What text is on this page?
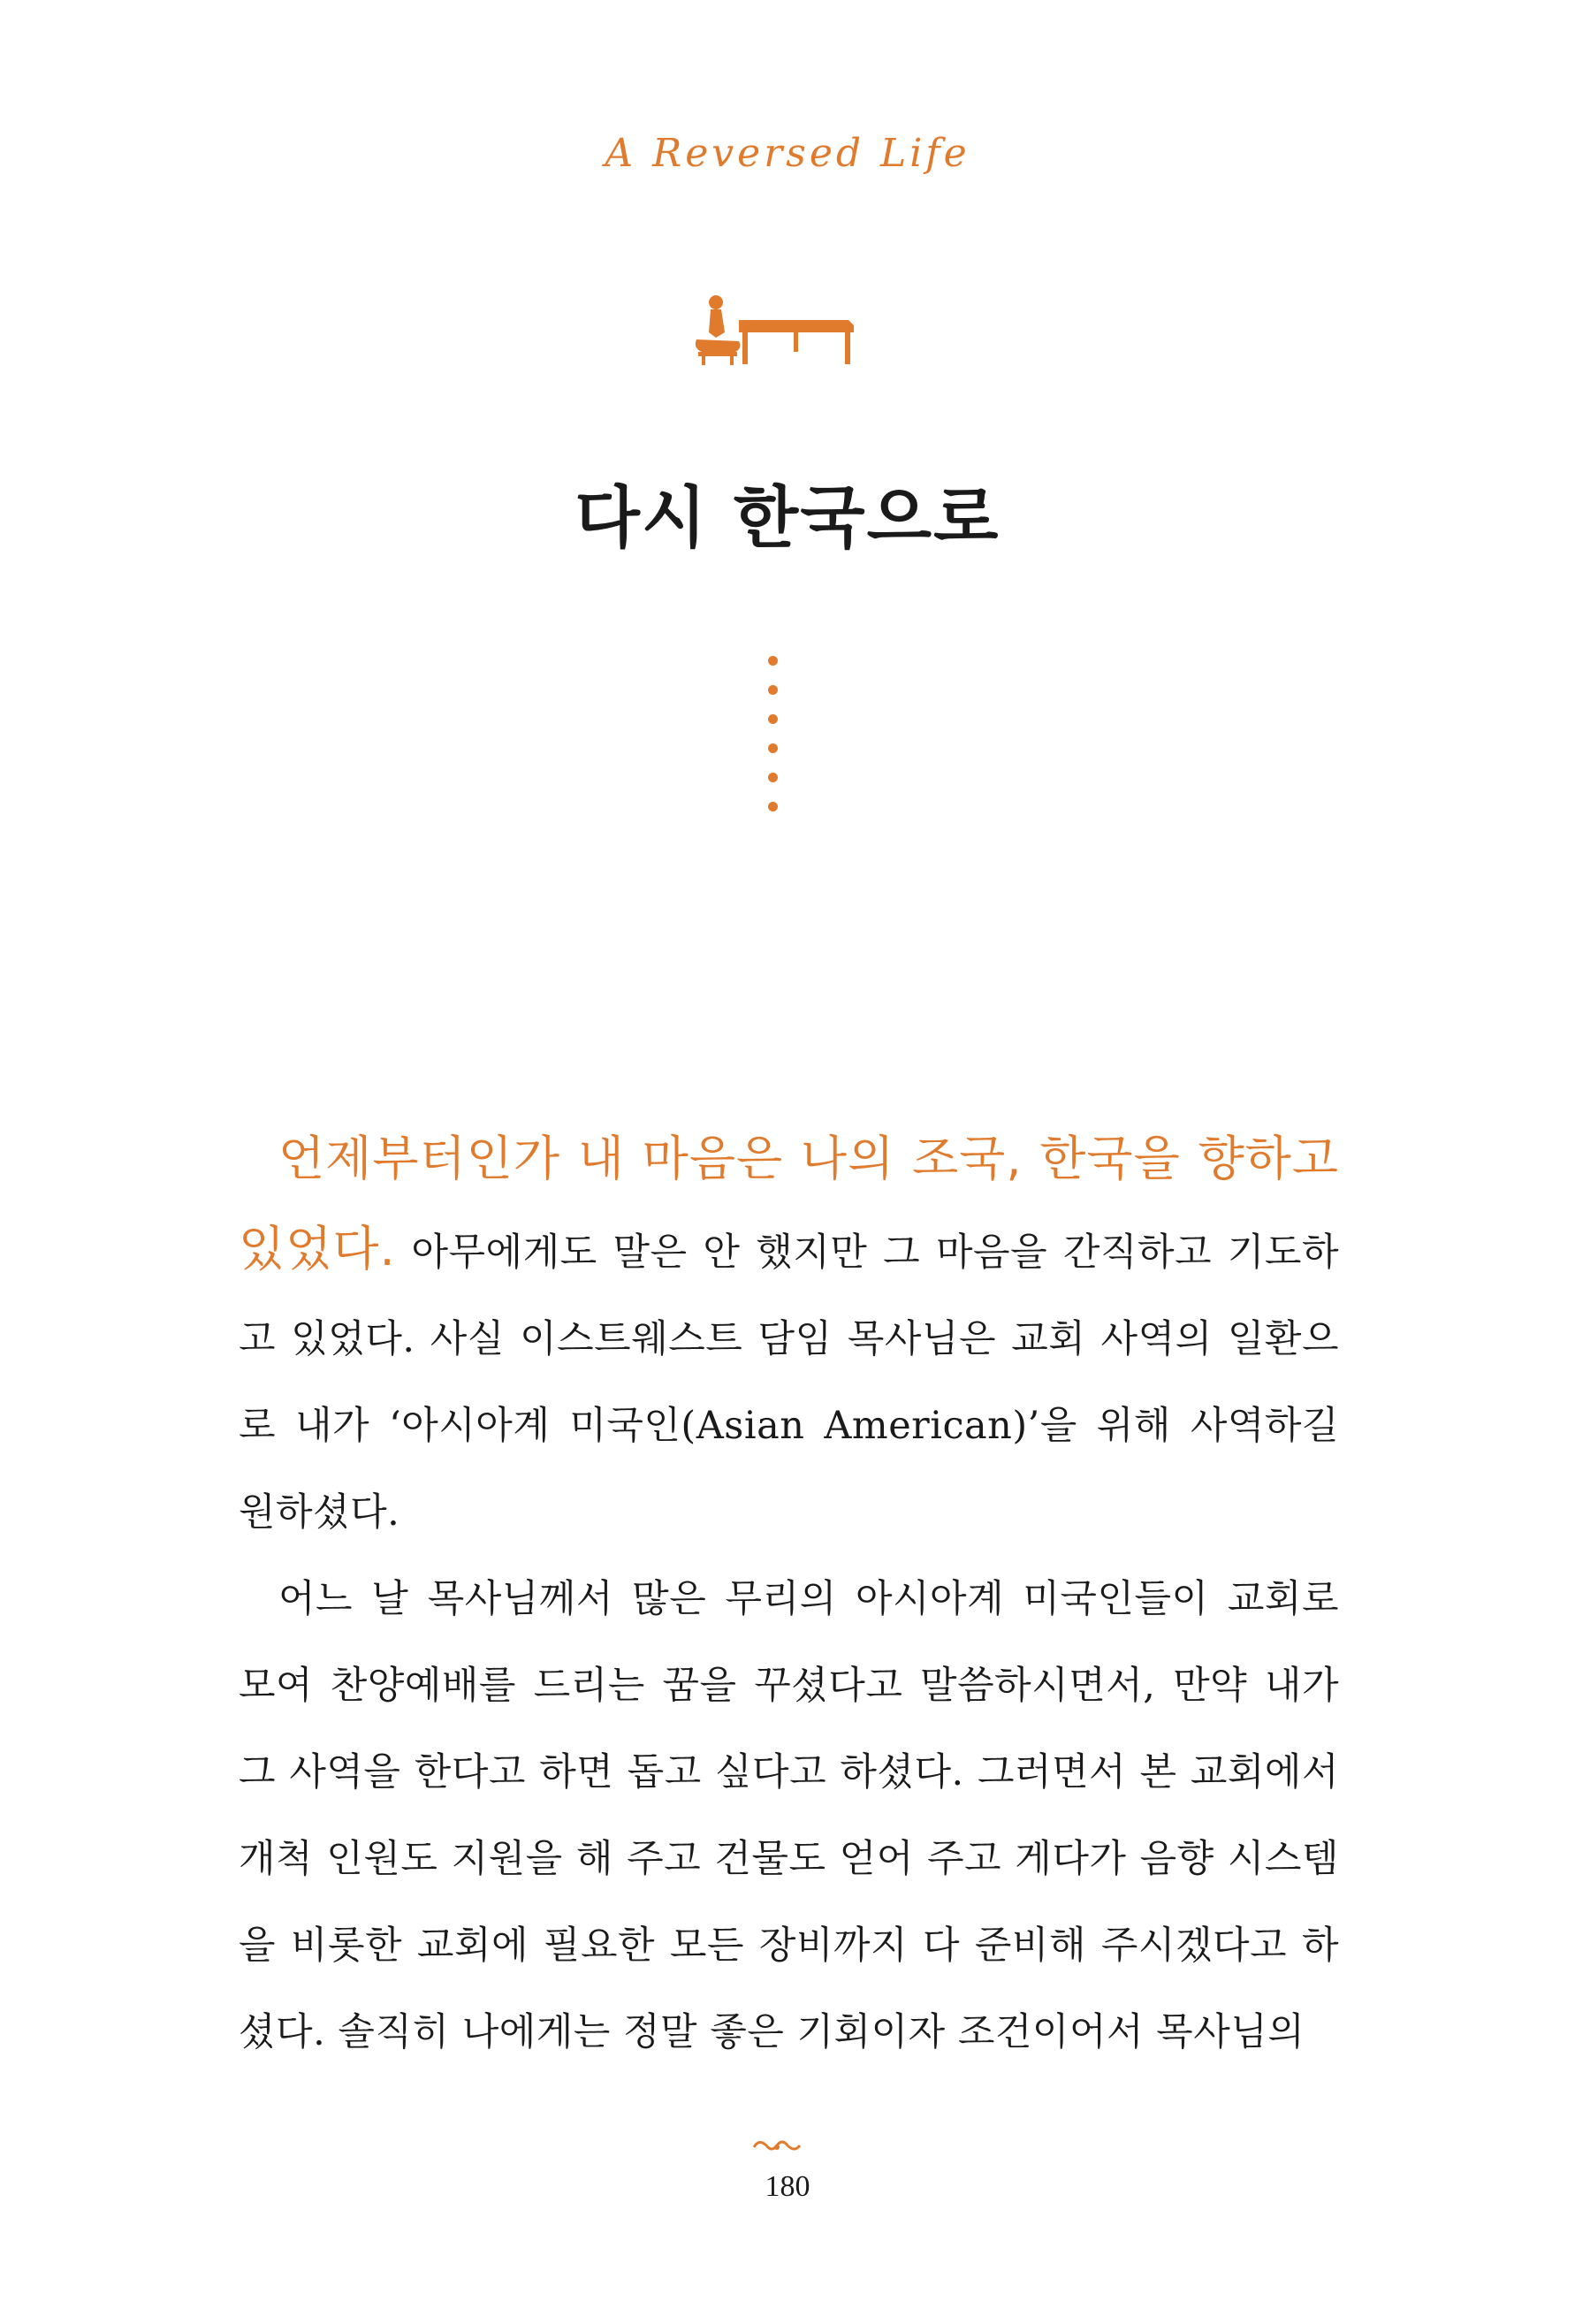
A Reversed Life
다시 한국으로

언제부터인가 내 마음은 나의 조국, 한국을 향하고 있었다. 아무에게도 말은 안 했지만 그 마음을 간직하고 기도하고 있었다. 사실 이스트웨스트 담임 목사님은 교회 사역의 일환으로 내가 ‘아시아계 미국인(Asian American)’을 위해 사역하길 원하셨다.

어느 날 목사님께서 많은 무리의 아시아계 미국인들이 교회로 모여 찬양예배를 드리는 꿈을 꾸셨다고 말씀하시면서, 만약 내가 그 사역을 한다고 하면 돕고 싶다고 하셨다. 그러면서 본 교회에서 개척 인원도 지원을 해 주고 건물도 얻어 주고 게다가 음향 시스템을 비롯한 교회에 필요한 모든 장비까지 다 준비해 주시겠다고 하셨다. 솔직히 나에게는 정말 좋은 기회이자 조건이어서 목사님의

180
